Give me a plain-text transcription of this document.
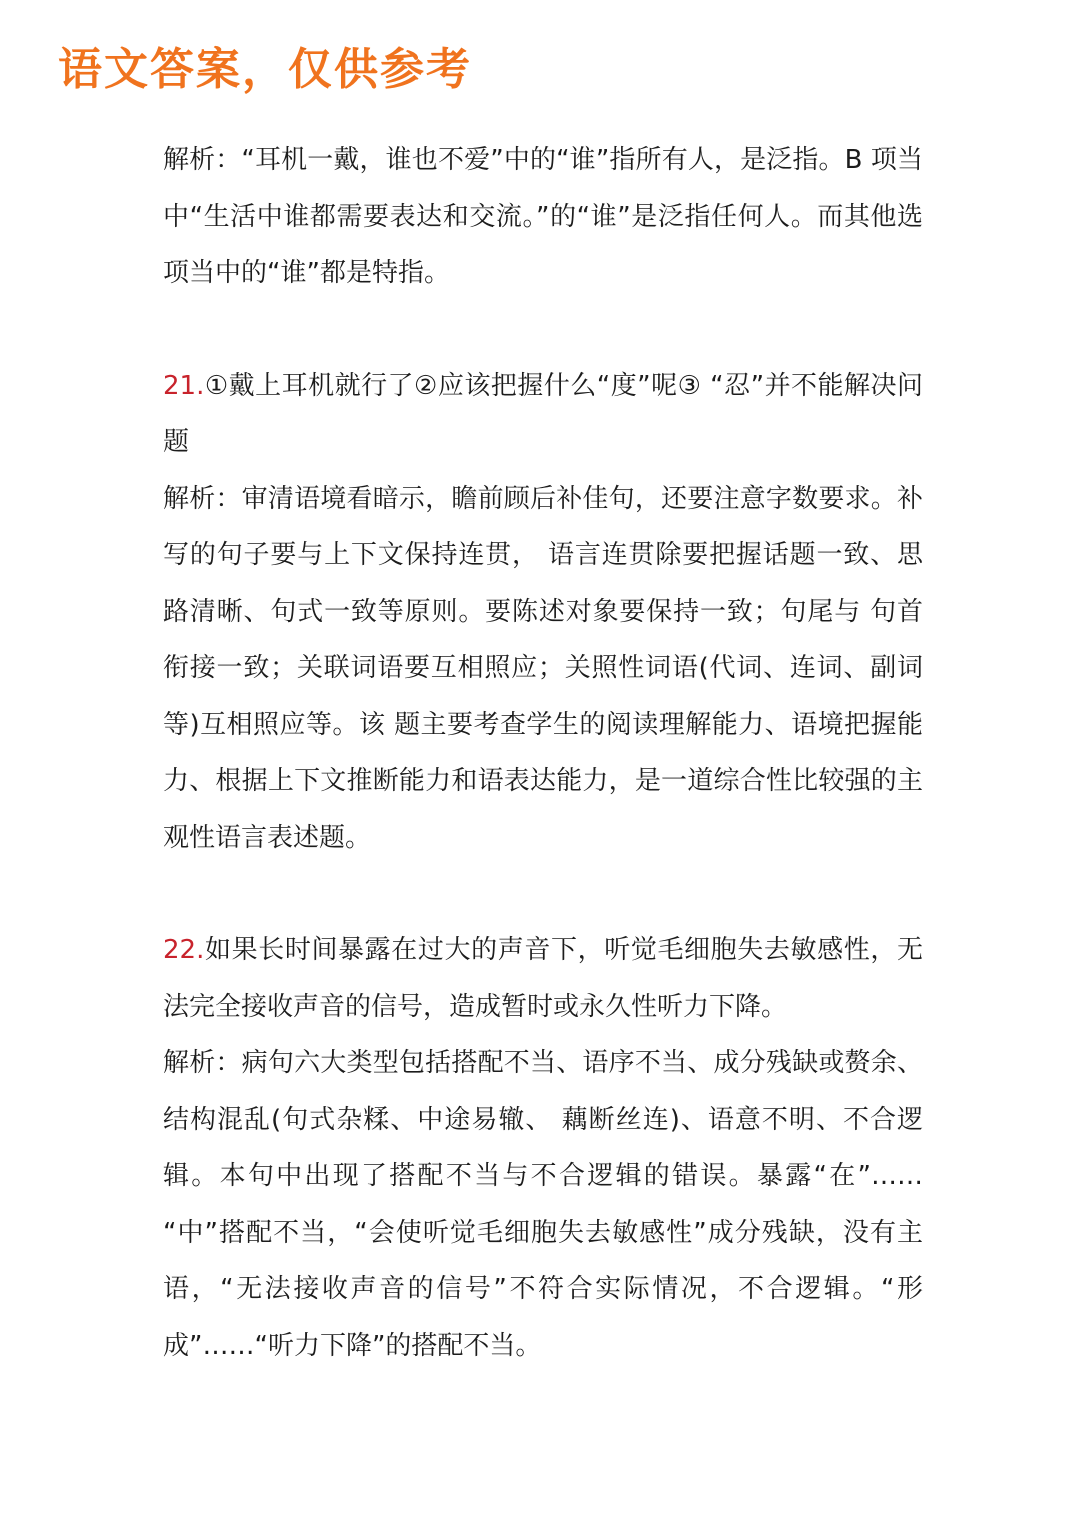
语文答案，仅供参考

解析：“耳机一戴，谁也不爱”中的“谁”指所有人，是泛指。B 项当中“生活中谁都需要表达和交流。”的“谁”是泛指任何人。而其他选项当中的“谁”都是特指。

21.①戴上耳机就行了②应该把握什么“度”呢③ “忍”并不能解决问题

解析：审清语境看暗示，瞻前顾后补佳句，还要注意字数要求。补写的句子要与上下文保持连贯， 语言连贯除要把握话题一致、思路清晰、句式一致等原则。要陈述对象要保持一致；句尾与 句首衔接一致；关联词语要互相照应；关照性词语(代词、连词、副词等)互相照应等。该 题主要考查学生的阅读理解能力、语境把握能力、根据上下文推断能力和语表达能力，是一道综合性比较强的主观性语言表述题。

22.如果长时间暴露在过大的声音下，听觉毛细胞失去敏感性，无法完全接收声音的信号，造成暂时或永久性听力下降。

解析：病句六大类型包括搭配不当、语序不当、成分残缺或赘余、结构混乱(句式杂糅、中途易辙、 藕断丝连)、语意不明、不合逻辑。本句中出现了搭配不当与不合逻辑的错误。暴露“在”…… “中”搭配不当，“会使听觉毛细胞失去敏感性”成分残缺，没有主语，“无法接收声音的信号”不符合实际情况，不合逻辑。“形成”……“听力下降”的搭配不当。
